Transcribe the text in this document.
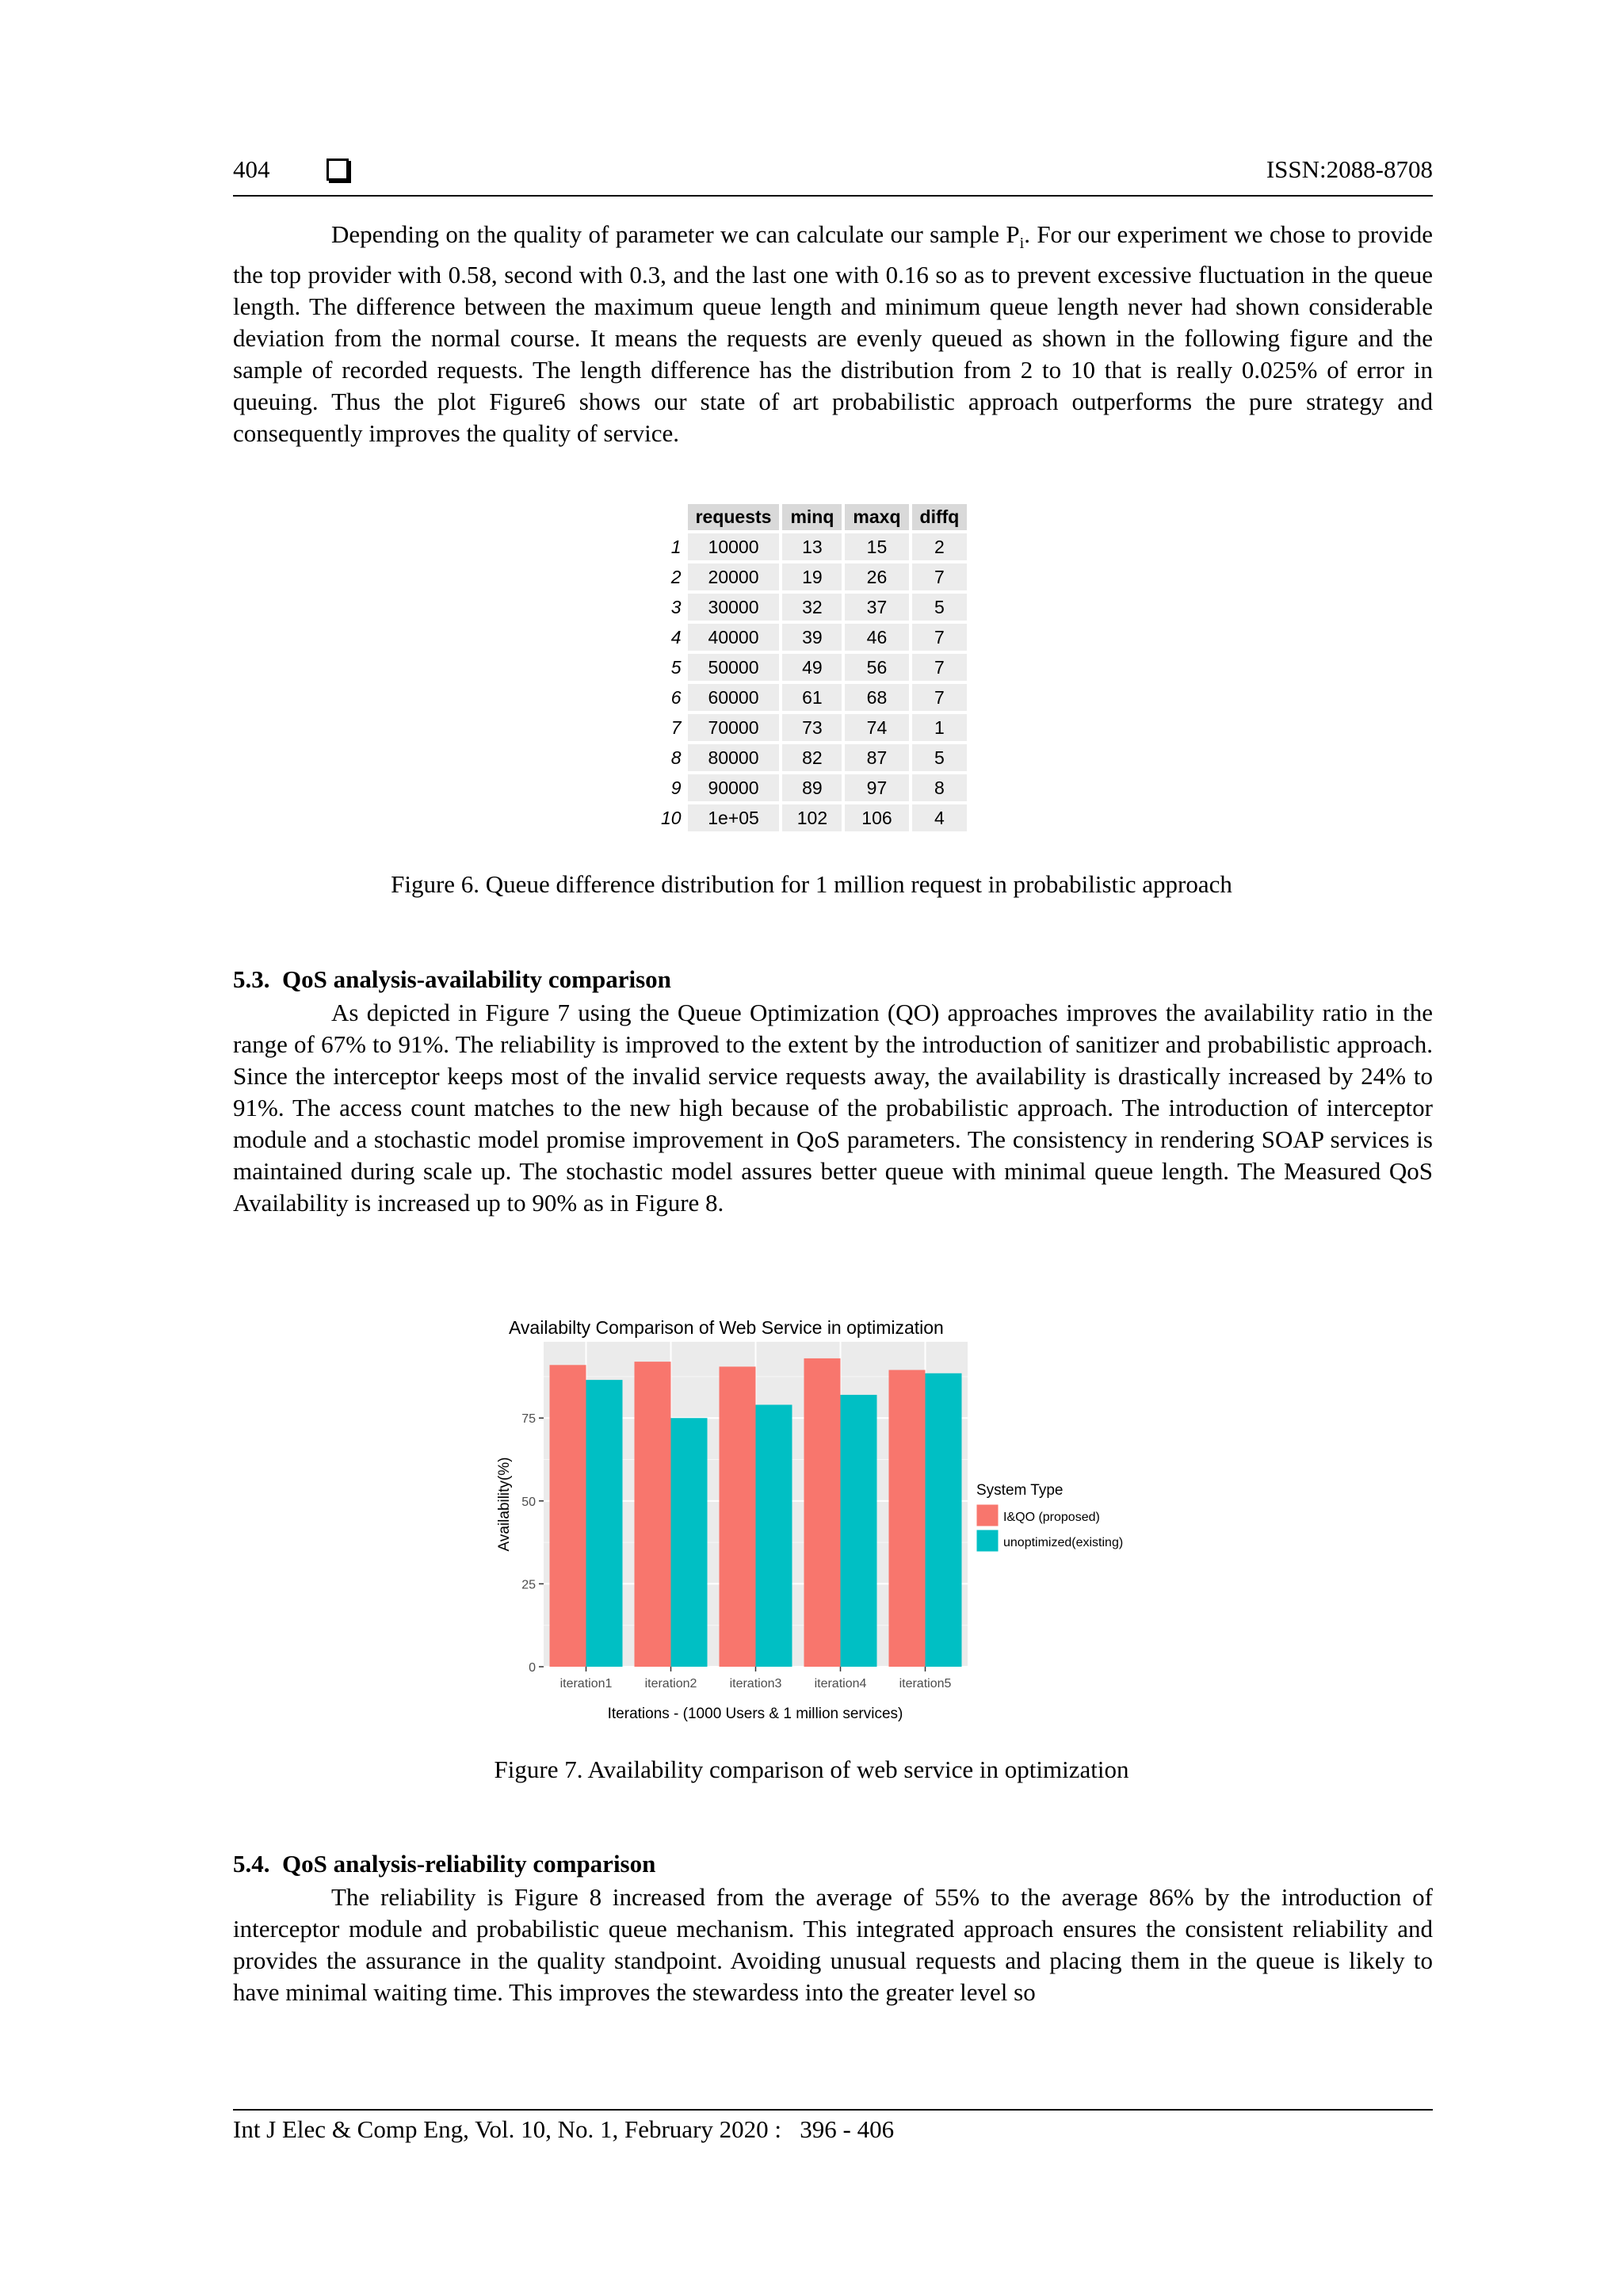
404	ISSN:2088-8708

Depending on the quality of parameter we can calculate our sample $P_i$. For our experiment we chose to provide the top provider with 0.58, second with 0.3, and the last one with 0.16 so as to prevent excessive fluctuation in the queue length. The difference between the maximum queue length and minimum queue length never had shown considerable deviation from the normal course. It means the requests are evenly queued as shown in the following figure and the sample of recorded requests. The length difference has the distribution from 2 to 10 that is really 0.025% of error in queuing. Thus the plot Figure6 shows our state of art probabilistic approach outperforms the pure strategy and consequently improves the quality of service.

	requests	minq	maxq	diffq
1	10000	13	15	2
2	20000	19	26	7
3	30000	32	37	5
4	40000	39	46	7
5	50000	49	56	7
6	60000	61	68	7
7	70000	73	74	1
8	80000	82	87	5
9	90000	89	97	8
10	1e+05	102	106	4

Figure 6. Queue difference distribution for 1 million request in probabilistic approach

5.3. QoS analysis-availability comparison

As depicted in Figure 7 using the Queue Optimization (QO) approaches improves the availability ratio in the range of 67% to 91%. The reliability is improved to the extent by the introduction of sanitizer and probabilistic approach. Since the interceptor keeps most of the invalid service requests away, the availability is drastically increased by 24% to 91%. The access count matches to the new high because of the probabilistic approach. The introduction of interceptor module and a stochastic model promise improvement in QoS parameters. The consistency in rendering SOAP services is maintained during scale up. The stochastic model assures better queue with minimal queue length. The Measured QoS Availability is increased up to 90% as in Figure 8.

Availabilty Comparison of Web Service in optimization
0
25
50
75
iteration1	iteration2	iteration3	iteration4	iteration5
Availability(%)
Iterations - (1000 Users & 1 million services)
System Type
I&QO (proposed)
unoptimized(existing)

Figure 7. Availability comparison of web service in optimization

5.4. QoS analysis-reliability comparison

The reliability is Figure 8 increased from the average of 55% to the average 86% by the introduction of interceptor module and probabilistic queue mechanism. This integrated approach ensures the consistent reliability and provides the assurance in the quality standpoint. Avoiding unusual requests and placing them in the queue is likely to have minimal waiting time. This improves the stewardess into the greater level so

Int J Elec & Comp Eng, Vol. 10, No. 1, February 2020 :  396 - 406
